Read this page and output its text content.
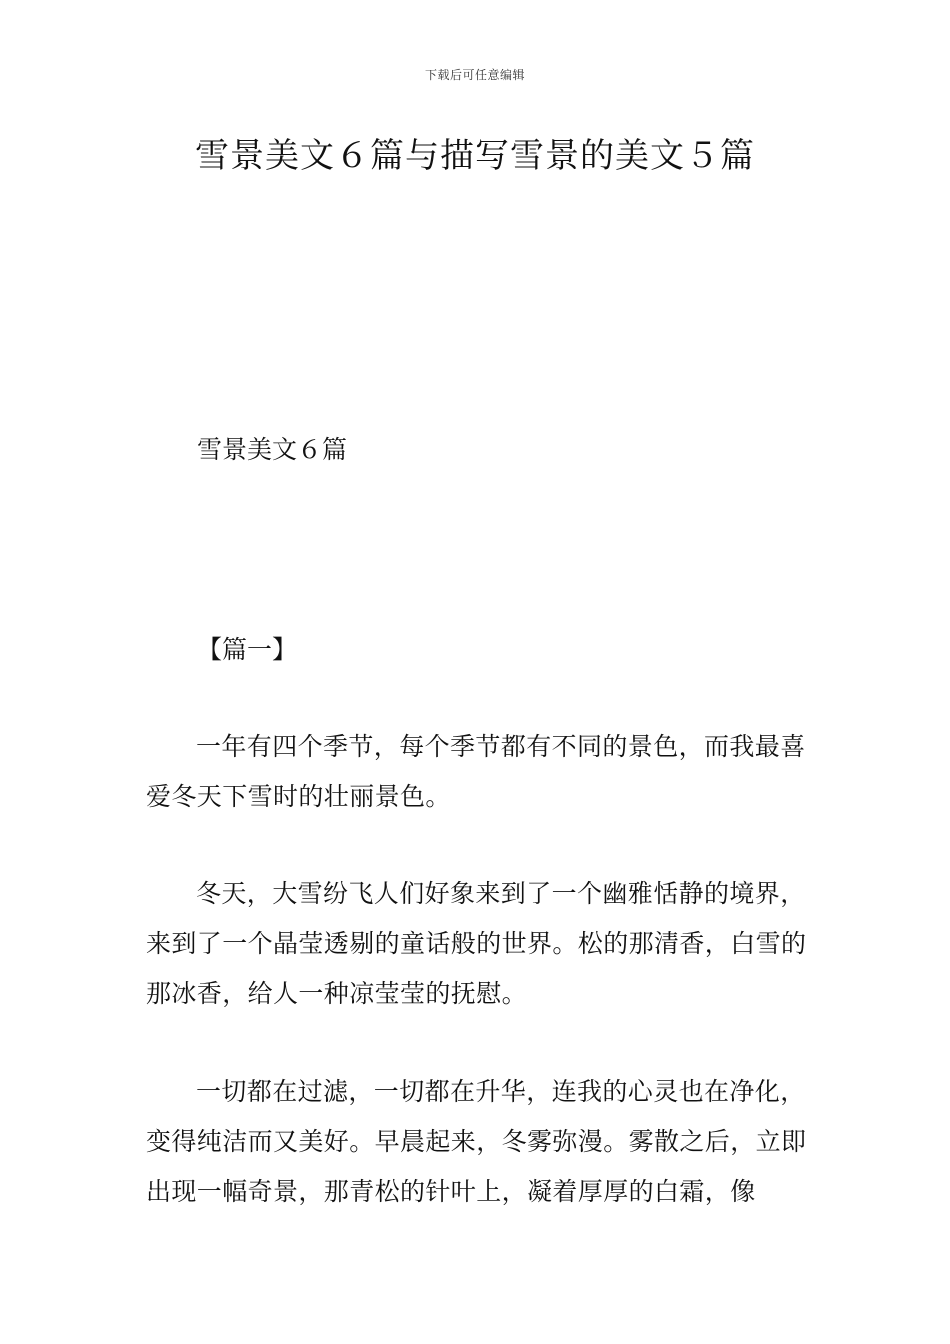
下载后可任意编辑
雪景美文６篇与描写雪景的美文５篇
雪景美文６篇
【篇一】

一年有四个季节，每个季节都有不同的景色，而我最喜爱冬天下雪时的壮丽景色。

冬天，大雪纷飞人们好象来到了一个幽雅恬静的境界，来到了一个晶莹透剔的童话般的世界。松的那清香，白雪的那冰香，给人一种凉莹莹的抚慰。

一切都在过滤，一切都在升华，连我的心灵也在净化，变得纯洁而又美好。早晨起来，冬雾弥漫。雾散之后，立即出现一幅奇景，那青松的针叶上，凝着厚厚的白霜，像
